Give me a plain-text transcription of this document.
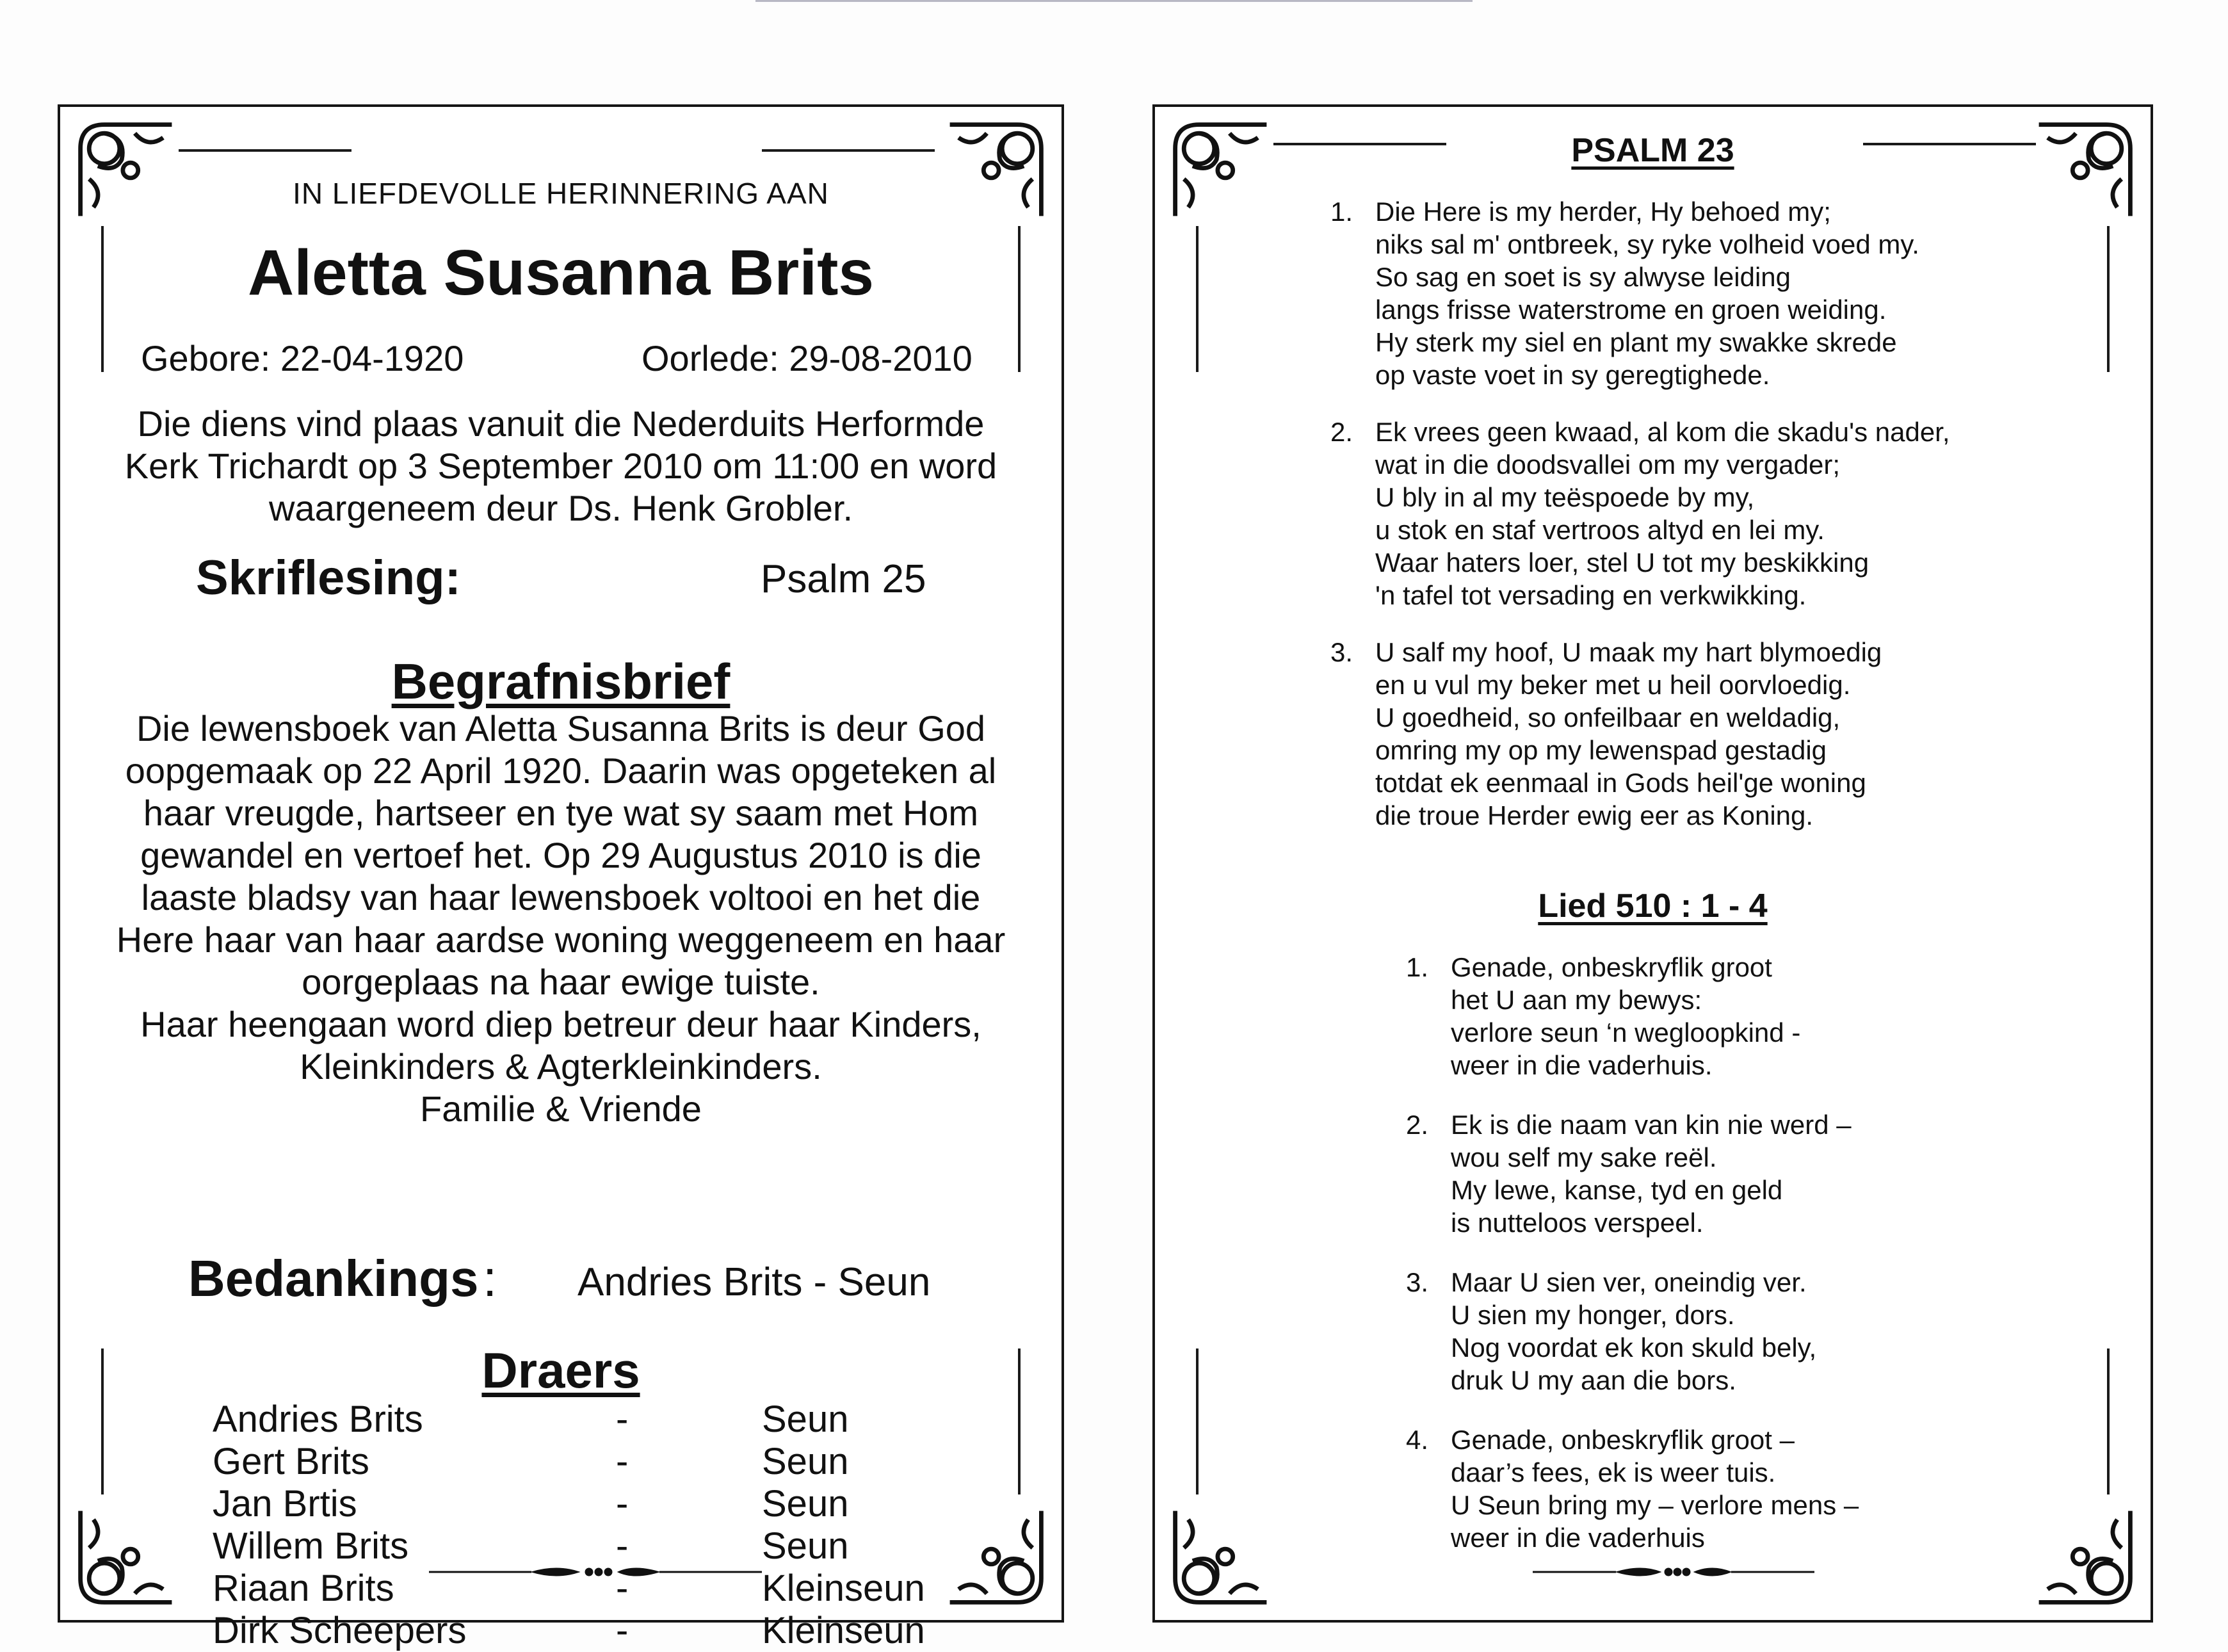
IN LIEFDEVOLLE HERINNERING AAN
Aletta Susanna Brits
Gebore: 22-04-1920	Oorlede: 29-08-2010
Die diens vind plaas vanuit die Nederduits Herformde
Kerk Trichardt op 3 September 2010 om 11:00 en word
waargeneem deur Ds. Henk Grobler.
Skriflesing:	Psalm 25
Begrafnisbrief
Die lewensboek van Aletta Susanna Brits is deur God
oopgemaak op 22 April 1920. Daarin was opgeteken al
haar vreugde, hartseer en tye wat sy saam met Hom
gewandel en vertoef het. Op 29 Augustus 2010 is die
laaste bladsy van haar lewensboek voltooi en het die
Here haar van haar aardse woning weggeneem en haar
oorgeplaas na haar ewige tuiste.
Haar heengaan word diep betreur deur haar Kinders,
Kleinkinders & Agterkleinkinders.
Familie & Vriende
Bedankings : Andries Brits - Seun
Draers
Andries Brits	-	Seun
Gert Brits	-	Seun
Jan Brtis	-	Seun
Willem Brits	-	Seun
Riaan Brits	-	Kleinseun
Dirk Scheepers	-	Kleinseun
PSALM 23
1. Die Here is my herder, Hy behoed my;
niks sal m' ontbreek, sy ryke volheid voed my.
So sag en soet is sy alwyse leiding
langs frisse waterstrome en groen weiding.
Hy sterk my siel en plant my swakke skrede
op vaste voet in sy geregtighede.
2. Ek vrees geen kwaad, al kom die skadu's nader,
wat in die doodsvallei om my vergader;
U bly in al my teëspoede by my,
u stok en staf vertroos altyd en lei my.
Waar haters loer, stel U tot my beskikking
'n tafel tot versading en verkwikking.
3. U salf my hoof, U maak my hart blymoedig
en u vul my beker met u heil oorvloedig.
U goedheid, so onfeilbaar en weldadig,
omring my op my lewenspad gestadig
totdat ek eenmaal in Gods heil'ge woning
die troue Herder ewig eer as Koning.
Lied 510 : 1 - 4
1. Genade, onbeskryflik groot
het U aan my bewys:
verlore seun ‘n wegloopkind -
weer in die vaderhuis.
2. Ek is die naam van kin nie werd –
wou self my sake reël.
My lewe, kanse, tyd en geld
is nutteloos verspeel.
3. Maar U sien ver, oneindig ver.
U sien my honger, dors.
Nog voordat ek kon skuld bely,
druk U my aan die bors.
4. Genade, onbeskryflik groot –
daar’s fees, ek is weer tuis.
U Seun bring my – verlore mens –
weer in die vaderhuis
